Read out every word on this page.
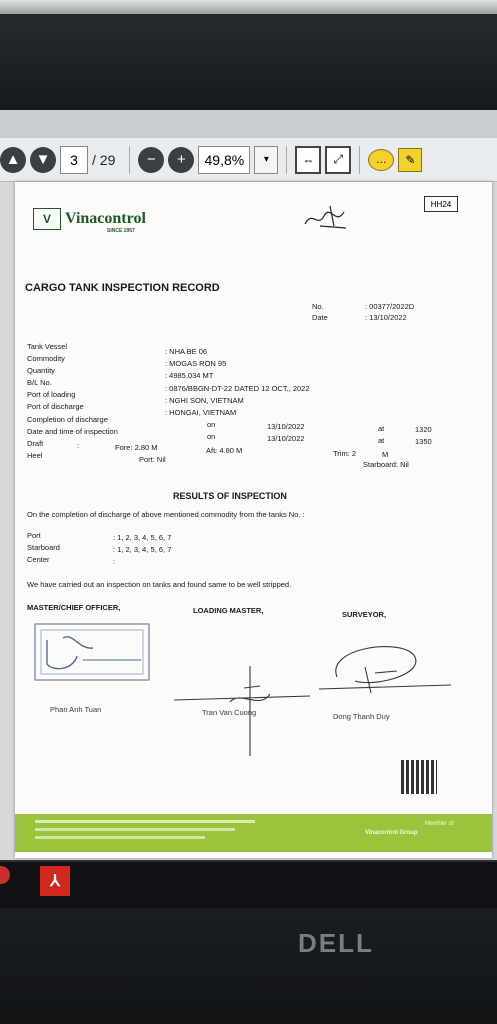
▲	▼	3	/ 29	−	+	49,8%	▾	⇔	⤢	…	✎
HH24
V Vinacontrol
SINCE 1957
CARGO TANK INSPECTION RECORD
No.	: 00377/2022D
Date	: 13/10/2022
Tank Vessel
: NHA BE 06
Commodity
: MOGAS RON 95
Quantity
: 4985.034 MT
B/L No.
: 0876/BBGN-DT-22 DATED 12 OCT., 2022
Port of loading
: NGHI SON, VIETNAM
Port of discharge
: HONGAI, VIETNAM
Completion of discharge
on	13/10/2022	at	1320
Date and time of inspection
on	13/10/2022	at	1350
Draft	:	Fore: 2.80 M	Aft: 4.80 M	Trim: 2	M
Heel	Port: Nil
Starboard: Nil
RESULTS OF INSPECTION
On the completion of discharge of above mentioned commodity from the tanks No. :
Port	: 1, 2, 3, 4, 5, 6, 7
Starboard	: 1, 2, 3, 4, 5, 6, 7
Center	:
We have carried out an inspection on tanks and found same to be well stripped.
MASTER/CHIEF OFFICER,	LOADING MASTER,	SURVEYOR,
Phan Anh Tuan	Tran Van Cuong	Dong Thanh Duy
Member of
Vinacontrol Group
⅄
DELL
